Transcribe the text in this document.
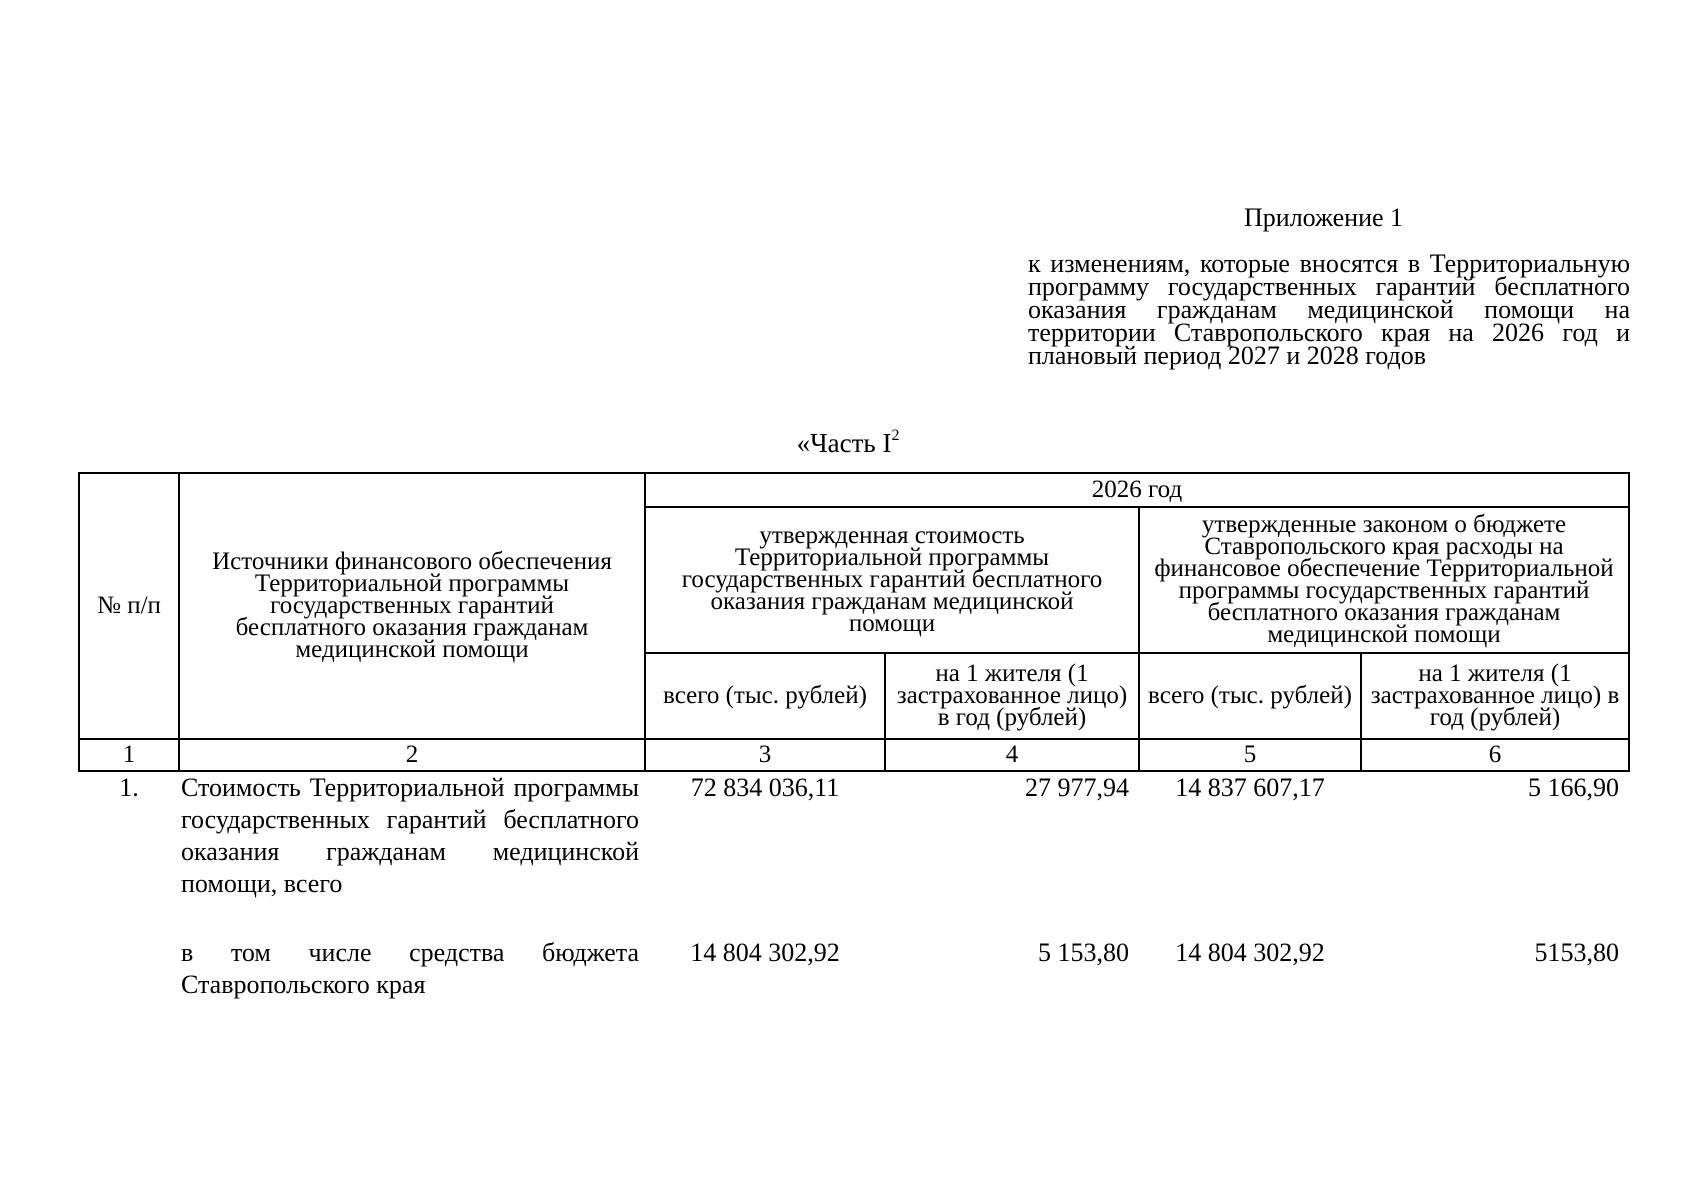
Приложение 1

к изменениям, которые вносятся в Территориальную программу государственных гарантий бесплатного оказания гражданам медицинской помощи на территории Ставропольского края на 2026 год и плановый период 2027 и 2028 годов

«Часть $I^2$
№ п/п	Источники финансового обеспечения Территориальной программы государственных гарантий бесплатного оказания гражданам медицинской помощи	2026 год			
		утвержденная стоимость Территориальной программы государственных гарантий бесплатного оказания гражданам медицинской помощи		утвержденные законом о бюджете Ставропольского края расходы на финансовое обеспечение Территориальной программы государственных гарантий бесплатного оказания гражданам медицинской помощи	
		всего (тыс. рублей)	на 1 жителя (1 застрахованное лицо) в год (рублей)	всего (тыс. рублей)	на 1 жителя (1 застрахованное лицо) в год (рублей)
1	2	3	4	5	6
1.	Стоимость Территориальной программы государственных гарантий бесплатного оказания гражданам медицинской помощи, всего	72 834 036,11	27 977,94	14 837 607,17	5 166,90
	в том числе средства бюджета Ставропольского края	14 804 302,92	5 153,80	14 804 302,92	5153,80
